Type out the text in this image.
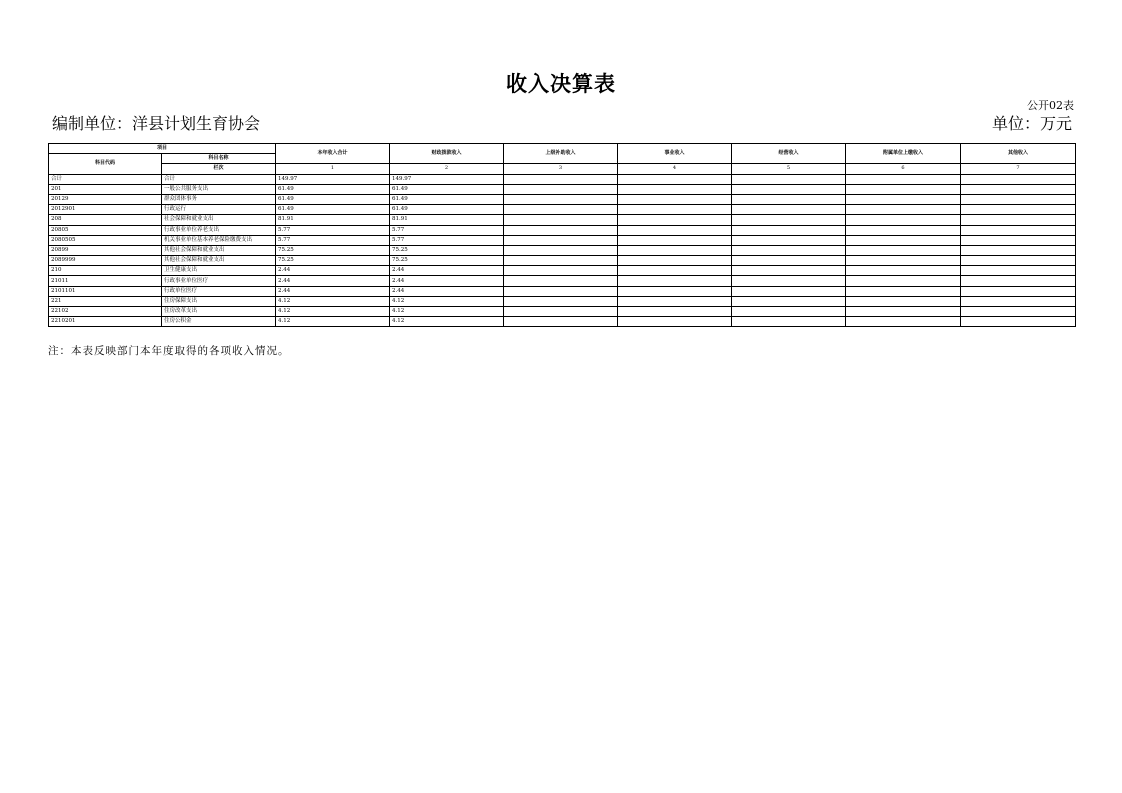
收入决算表
公开02表
编制单位：洋县计划生育协会	单位：万元
项目		本年收入合计	财政拨款收入	上级补助收入	事业收入	经营收入	附属单位上缴收入	其他收入
科目代码	科目名称							
	栏次	1	2	3	4	5	6	7
合计	合计	149.97	149.97					
201	一般公共服务支出	61.49	61.49					
20129	群众团体事务	61.49	61.49					
2012901	行政运行	61.49	61.49					
208	社会保障和就业支出	81.91	81.91					
20805	行政事业单位养老支出	5.77	5.77					
2080505	机关事业单位基本养老保险缴费支出	5.77	5.77					
20899	其他社会保障和就业支出	75.25	75.25					
2089999	其他社会保障和就业支出	75.25	75.25					
210	卫生健康支出	2.44	2.44					
21011	行政事业单位医疗	2.44	2.44					
2101101	行政单位医疗	2.44	2.44					
221	住房保障支出	4.12	4.12					
22102	住房改革支出	4.12	4.12					
2210201	住房公积金	4.12	4.12					
注：本表反映部门本年度取得的各项收入情况。
